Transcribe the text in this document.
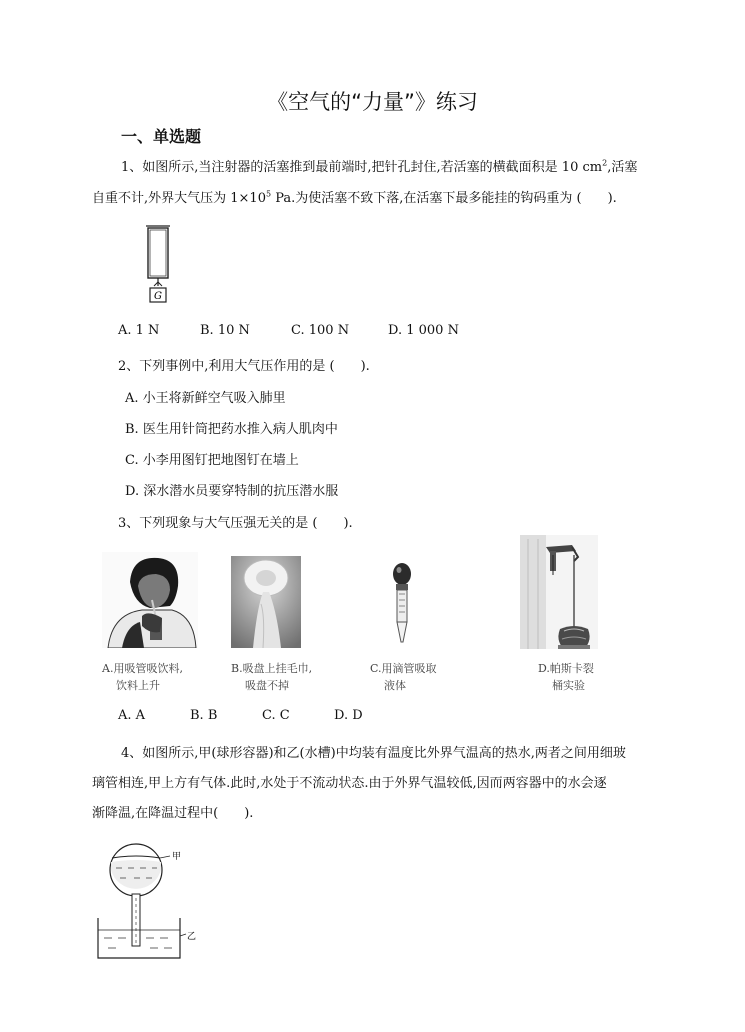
《空气的“力量”》练习
一、单选题
1、如图所示,当注射器的活塞推到最前端时,把针孔封住,若活塞的横截面积是 10 $cm^2$,活塞
自重不计,外界大气压为 $1\times 10^5$ Pa.为使活塞不致下落,在活塞下最多能挂的钩码重为 (　　).
G
A. 1 N	B. 10 N	C. 100 N	D. 1 000 N
2、下列事例中,利用大气压作用的是 (　　).
A. 小王将新鲜空气吸入肺里
B. 医生用针筒把药水推入病人肌肉中
C. 小李用图钉把地图钉在墙上
D. 深水潜水员要穿特制的抗压潜水服
3、下列现象与大气压强无关的是 (　　).
A.用吸管吸饮料,
饮料上升
B.吸盘上挂毛巾,
吸盘不掉
C.用滴管吸取
液体
D.帕斯卡裂
桶实验
A. A	B. B	C. C	D. D
4、如图所示,甲(球形容器)和乙(水槽)中均装有温度比外界气温高的热水,两者之间用细玻
璃管相连,甲上方有气体.此时,水处于不流动状态.由于外界气温较低,因而两容器中的水会逐
渐降温,在降温过程中(　　).
甲
乙
